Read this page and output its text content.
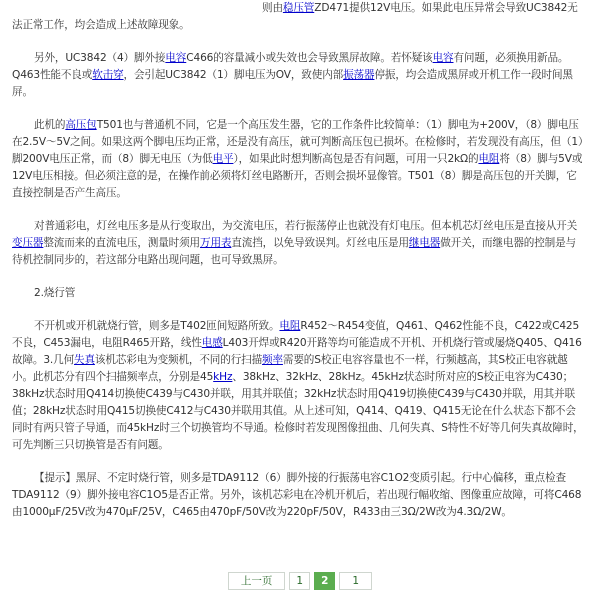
则由稳压管ZD471提供12V电压。如果此电压异常会导致UC3842无法正常工作，均会造成上述故障现象。

另外，UC3842（4）脚外接电容C466的容量减小或失效也会导致黑屏故障。若怀疑该电容有问题，必须换用新品。Q463性能不良或软击穿，会引起UC3842（1）脚电压为OV，致使内部振荡器停振，均会造成黑屏或开机工作一段时间黑屏。

此机的高压包T501也与普通机不同，它是一个高压发生器，它的工作条件比较简单：（1）脚电为+200V，（8）脚电压在2.5V～5V之间。如果这两个脚电压均正常，还是没有高压，就可判断高压包已损坏。在检修时，若发现没有高压，但（1）脚200V电压正常，而（8）脚无电压（为低电平），如果此时想判断高包是否有问题，可用一只2kΩ的电阻将（8）脚与5V或12V电压相接。但必须注意的是，在操作前必须将灯丝电路断开，否则会损坏显像管。T501（8）脚是高压包的开关脚，它直接控制是否产生高压。

对普通彩电，灯丝电压多是从行变取出，为交流电压，若行振荡停止也就没有灯电压。但本机芯灯丝电压是直接从开关变压器整流而来的直流电压，测量时须用万用表直流挡，以免导致误判。灯丝电压是用继电器做开关，而继电器的控制是与待机控制同步的，若这部分电路出现问题，也可导致黑屏。

2.烧行管

不开机或开机就烧行管，则多是T402匝间短路所致。电阻R452～R454变值，Q461、Q462性能不良，C422或C425不良，C453漏电，电阻R465开路，线性电感L403开焊或R420开路等均可能造成不开机、开机烧行管或屡烧Q405、Q416故障。3.几何失真该机芯彩电为变频机，不同的行扫描频率需要的S校正电容容量也不一样，行频越高，其S校正电容就越小。此机芯分有四个扫描频率点，分别是45kHz、38kHz、32kHz、28kHz。45kHz状态时所对应的S校正电容为C430；38kHz状态时用Q414切换使C439与C430并联，用其并联值；32kHz状态时用Q419切换使C439与C430并联，用其并联值；28kHz状态时用Q415切换使C412与C430并联用其值。从上述可知，Q414、Q419、Q415无论在什么状态下都不会同时有两只管子导通，而45kHz时三个切换管均不导通。检修时若发现图像扭曲、几何失真、S特性不好等几何失真故障时，可先判断三只切换管是否有问题。

【提示】黑屏、不定时烧行管，则多是TDA9112（6）脚外接的行振荡电容C1O2变质引起。行中心偏移，重点检查TDA9112（9）脚外接电容C1O5是否正常。另外，该机芯彩电在冷机开机后，若出现行幅收缩、图像重应故障，可将C468由1000μF/25V改为470μF/25V，C465由470pF/50V改为220pF/50V，R433由三3Ω/2W改为4.3Ω/2W。

上一页	1	2	1
